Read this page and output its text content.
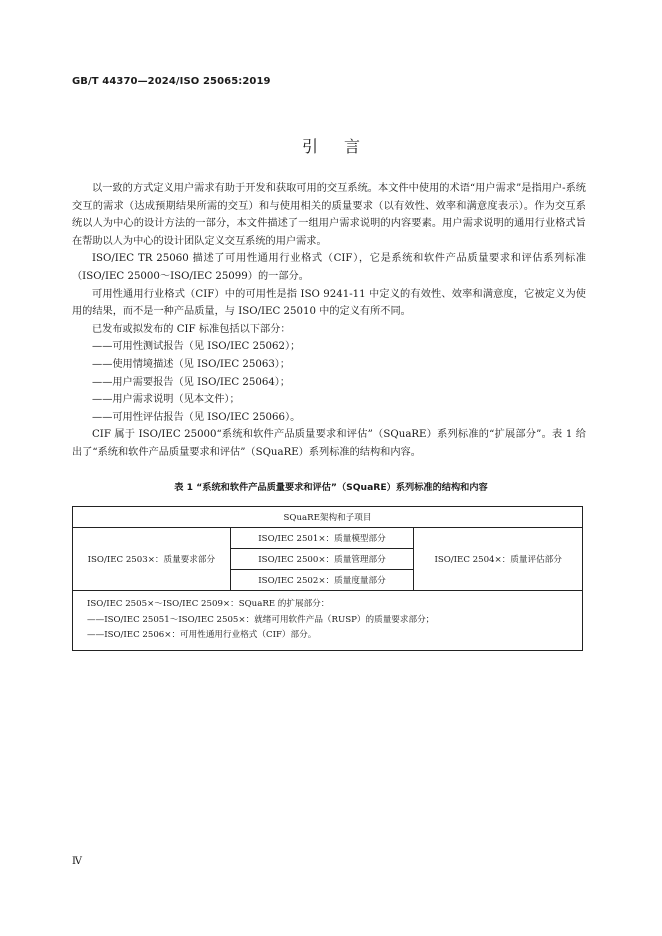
GB/T 44370—2024/ISO 25065:2019
引言

以一致的方式定义用户需求有助于开发和获取可用的交互系统。本文件中使用的术语“用户需求”是指用户-系统交互的需求（达成预期结果所需的交互）和与使用相关的质量要求（以有效性、效率和满意度表示）。作为交互系统以人为中心的设计方法的一部分，本文件描述了一组用户需求说明的内容要素。用户需求说明的通用行业格式旨在帮助以人为中心的设计团队定义交互系统的用户需求。

ISO/IEC TR 25060 描述了可用性通用行业格式（CIF），它是系统和软件产品质量要求和评估系列标准（ISO/IEC 25000～ISO/IEC 25099）的一部分。

可用性通用行业格式（CIF）中的可用性是指 ISO 9241-11 中定义的有效性、效率和满意度，它被定义为使用的结果，而不是一种产品质量，与 ISO/IEC 25010 中的定义有所不同。

已发布或拟发布的 CIF 标准包括以下部分：

——可用性测试报告（见 ISO/IEC 25062）；

——使用情境描述（见 ISO/IEC 25063）；

——用户需要报告（见 ISO/IEC 25064）；

——用户需求说明（见本文件）；

——可用性评估报告（见 ISO/IEC 25066）。

CIF 属于 ISO/IEC 25000“系统和软件产品质量要求和评估”（SQuaRE）系列标准的“扩展部分”。表 1 给出了“系统和软件产品质量要求和评估”（SQuaRE）系列标准的结构和内容。

表 1 “系统和软件产品质量要求和评估”（SQuaRE）系列标准的结构和内容
SQuaRE架构和子项目
ISO/IEC 2503×：质量要求部分	ISO/IEC 2501×：质量模型部分	ISO/IEC 2504×：质量评估部分
ISO/IEC 2500×：质量管理部分
ISO/IEC 2502×：质量度量部分

ISO/IEC 2505×～ISO/IEC 2509×：SQuaRE 的扩展部分：
——ISO/IEC 25051～ISO/IEC 2505×：就绪可用软件产品（RUSP）的质量要求部分；
——ISO/IEC 2506×：可用性通用行业格式（CIF）部分。
Ⅳ
